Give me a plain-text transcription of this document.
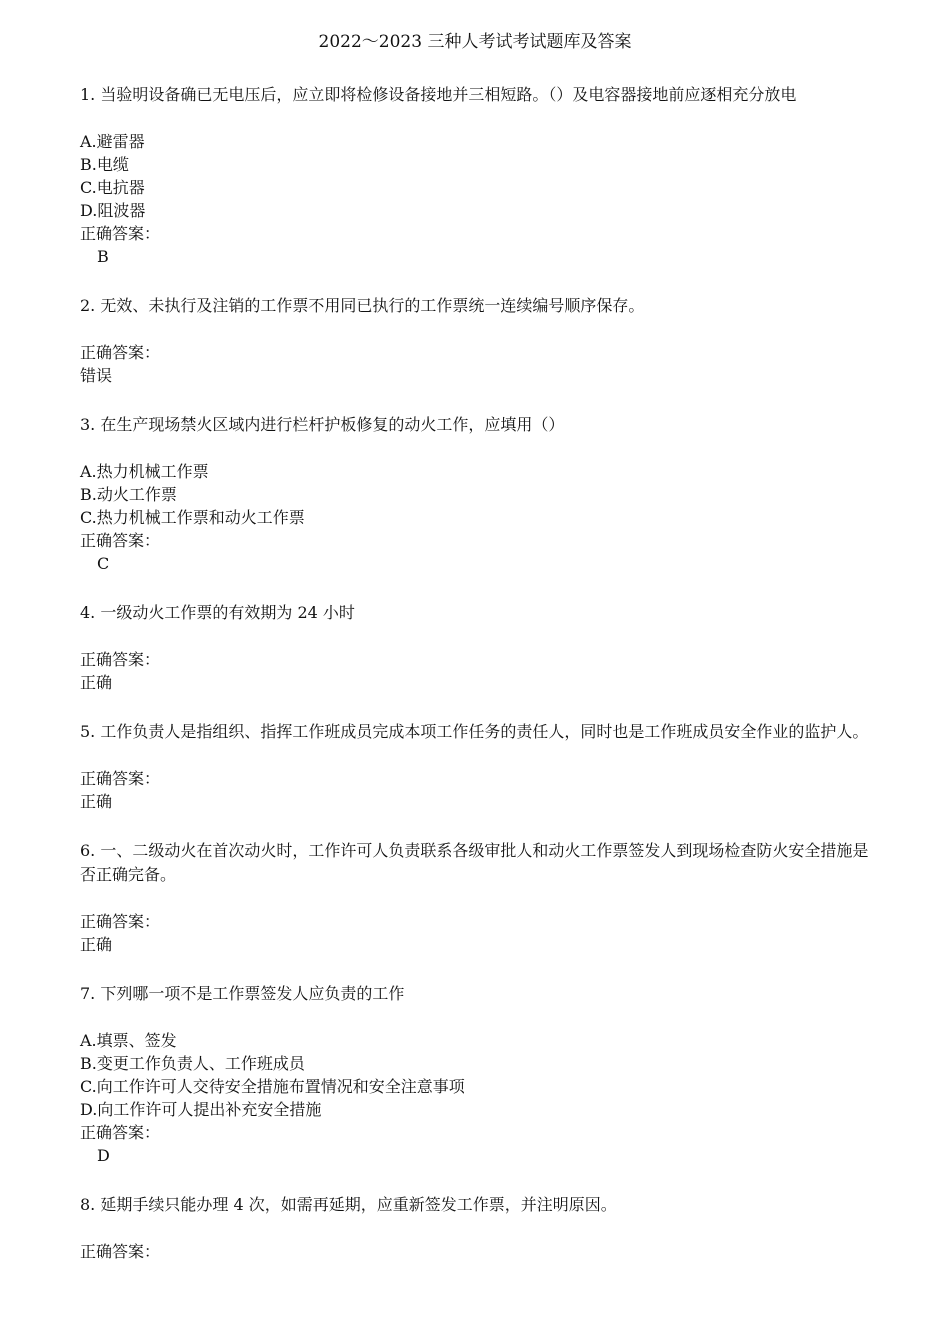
2022～2023 三种人考试考试题库及答案
1. 当验明设备确已无电压后，应立即将检修设备接地并三相短路。（）及电容器接地前应逐相充分放电
A.避雷器
B.电缆
C.电抗器
D.阻波器
正确答案：
B
2. 无效、未执行及注销的工作票不用同已执行的工作票统一连续编号顺序保存。
正确答案：
错误
3. 在生产现场禁火区域内进行栏杆护板修复的动火工作，应填用（）
A.热力机械工作票
B.动火工作票
C.热力机械工作票和动火工作票
正确答案：
C
4. 一级动火工作票的有效期为 24 小时
正确答案：
正确
5. 工作负责人是指组织、指挥工作班成员完成本项工作任务的责任人，同时也是工作班成员安全作业的监护人。
正确答案：
正确
6. 一、二级动火在首次动火时，工作许可人负责联系各级审批人和动火工作票签发人到现场检查防火安全措施是否正确完备。
正确答案：
正确
7. 下列哪一项不是工作票签发人应负责的工作
A.填票、签发
B.变更工作负责人、工作班成员
C.向工作许可人交待安全措施布置情况和安全注意事项
D.向工作许可人提出补充安全措施
正确答案：
D
8. 延期手续只能办理 4 次，如需再延期，应重新签发工作票，并注明原因。
正确答案：
